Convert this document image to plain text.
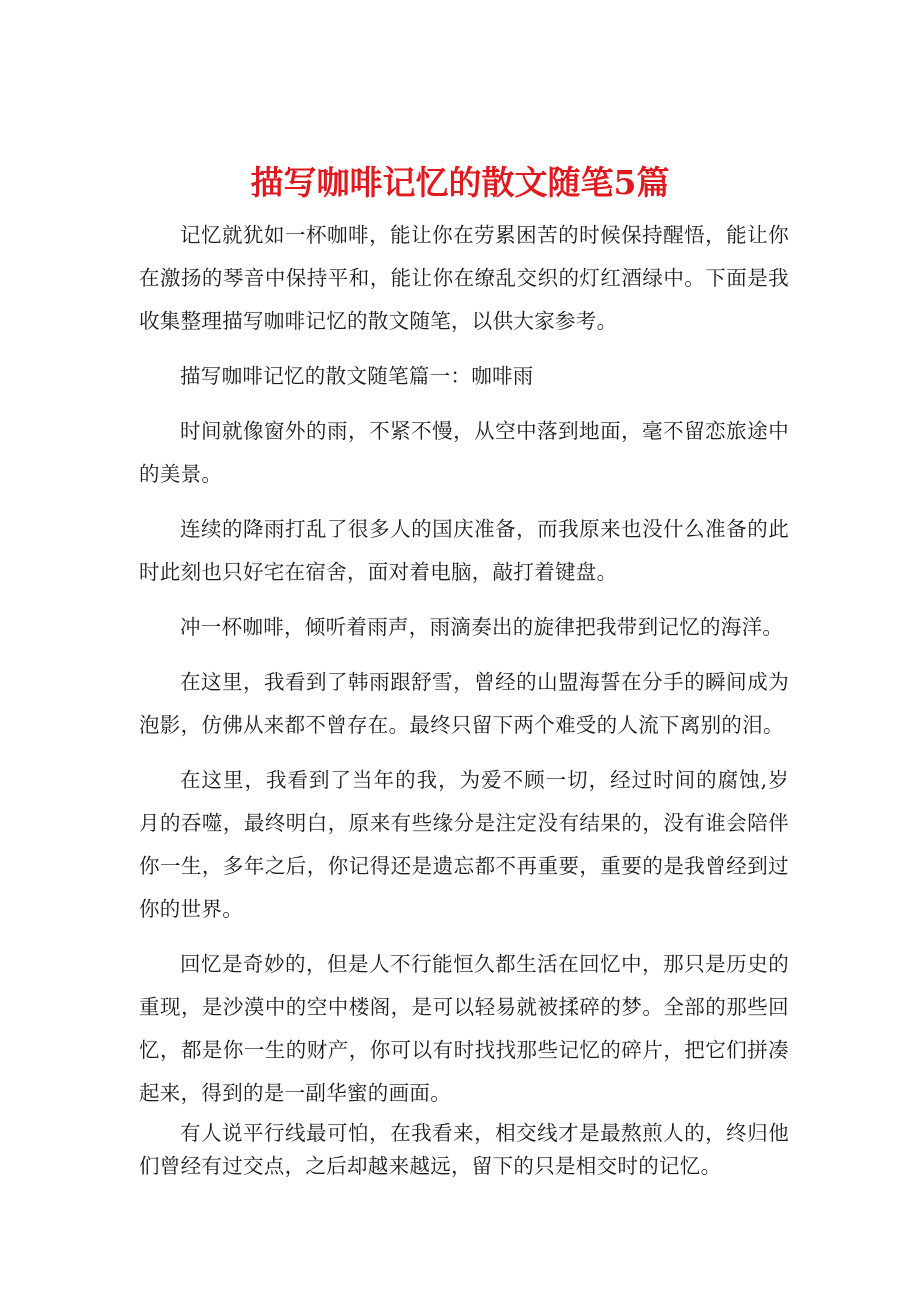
描写咖啡记忆的散文随笔5篇

记忆就犹如一杯咖啡，能让你在劳累困苦的时候保持醒悟，能让你在激扬的琴音中保持平和，能让你在缭乱交织的灯红酒绿中。下面是我收集整理描写咖啡记忆的散文随笔，以供大家参考。

描写咖啡记忆的散文随笔篇一：咖啡雨

时间就像窗外的雨，不紧不慢，从空中落到地面，毫不留恋旅途中的美景。

连续的降雨打乱了很多人的国庆准备，而我原来也没什么准备的此时此刻也只好宅在宿舍，面对着电脑，敲打着键盘。

冲一杯咖啡，倾听着雨声，雨滴奏出的旋律把我带到记忆的海洋。

在这里，我看到了韩雨跟舒雪，曾经的山盟海誓在分手的瞬间成为泡影，仿佛从来都不曾存在。最终只留下两个难受的人流下离别的泪。

在这里，我看到了当年的我，为爱不顾一切，经过时间的腐蚀,岁月的吞噬，最终明白，原来有些缘分是注定没有结果的，没有谁会陪伴你一生，多年之后，你记得还是遗忘都不再重要，重要的是我曾经到过你的世界。

回忆是奇妙的，但是人不行能恒久都生活在回忆中，那只是历史的重现，是沙漠中的空中楼阁，是可以轻易就被揉碎的梦。全部的那些回忆，都是你一生的财产，你可以有时找找那些记忆的碎片，把它们拼凑起来，得到的是一副华蜜的画面。

有人说平行线最可怕，在我看来，相交线才是最熬煎人的，终归他们曾经有过交点，之后却越来越远，留下的只是相交时的记忆。
